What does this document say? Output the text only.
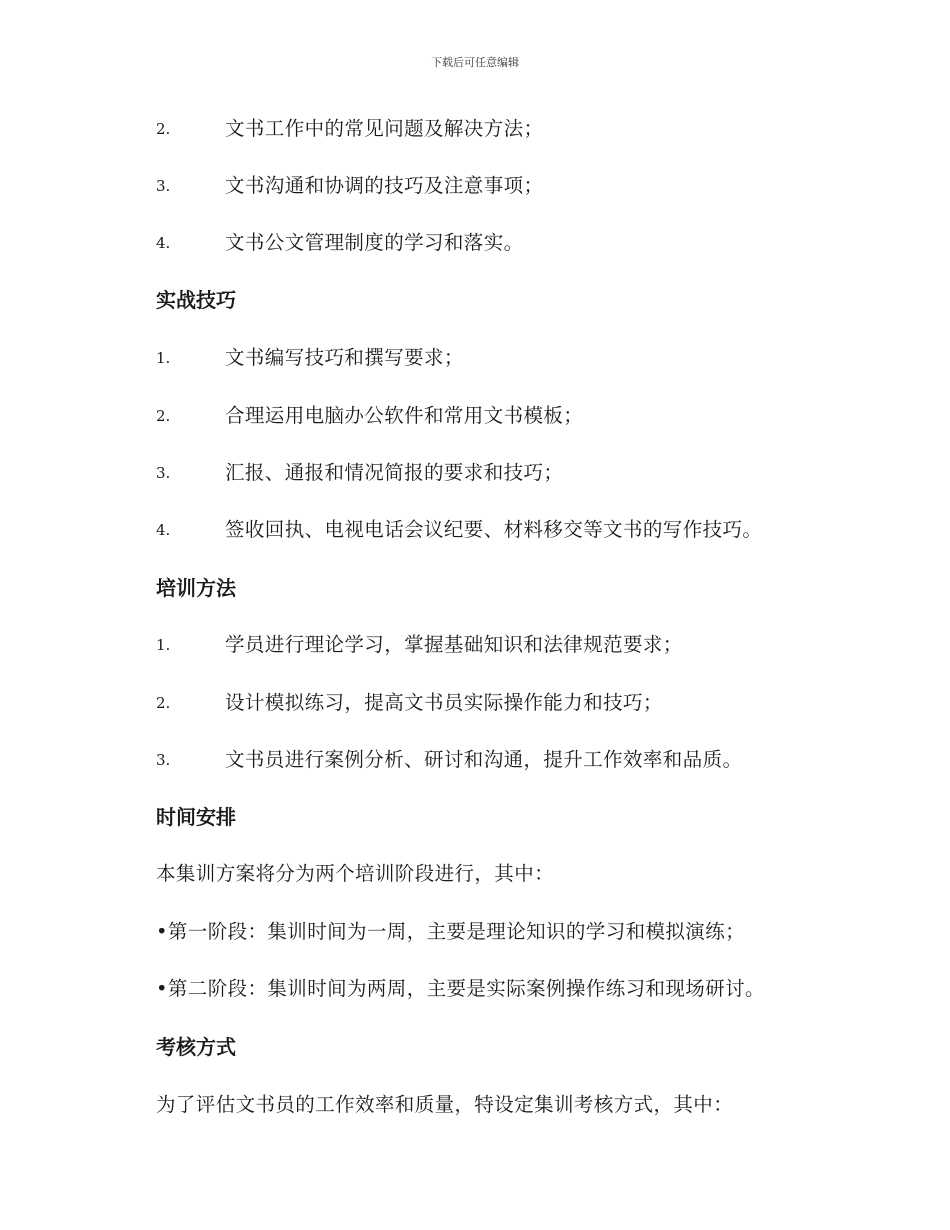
下载后可任意编辑
2.	文书工作中的常见问题及解决方法；
3.	文书沟通和协调的技巧及注意事项；
4.	文书公文管理制度的学习和落实。
实战技巧
1.	文书编写技巧和撰写要求；
2.	合理运用电脑办公软件和常用文书模板；
3.	汇报、通报和情况简报的要求和技巧；
4.	签收回执、电视电话会议纪要、材料移交等文书的写作技巧。
培训方法
1.	学员进行理论学习，掌握基础知识和法律规范要求；
2.	设计模拟练习，提高文书员实际操作能力和技巧；
3.	文书员进行案例分析、研讨和沟通，提升工作效率和品质。
时间安排
本集训方案将分为两个培训阶段进行，其中：
•第一阶段：集训时间为一周，主要是理论知识的学习和模拟演练；
•第二阶段：集训时间为两周，主要是实际案例操作练习和现场研讨。
考核方式
为了评估文书员的工作效率和质量，特设定集训考核方式，其中：
